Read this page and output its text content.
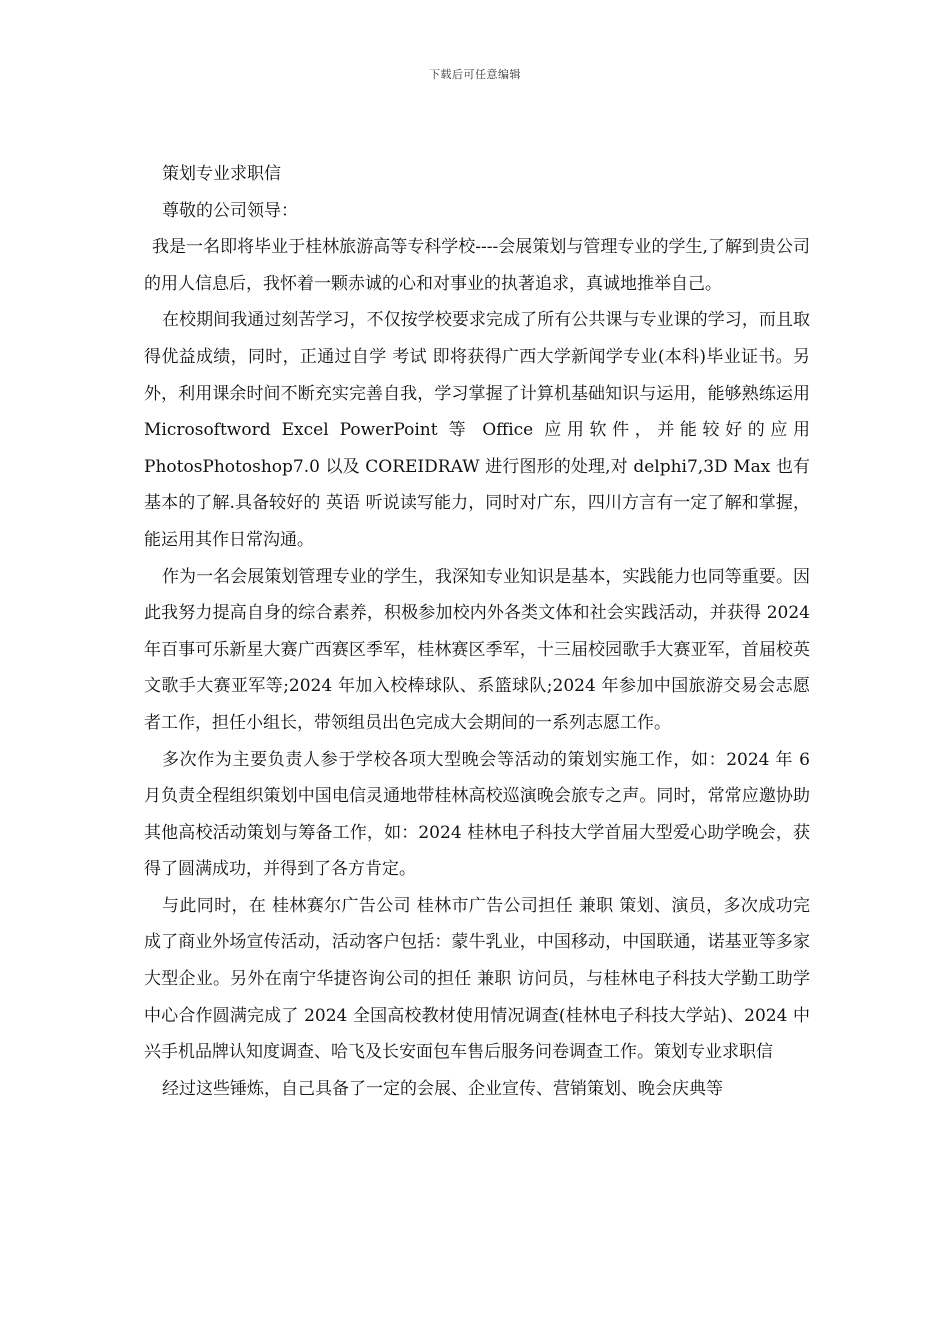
下载后可任意编辑

策划专业求职信

尊敬的公司领导：

我是一名即将毕业于桂林旅游高等专科学校----会展策划与管理专业的学生,了解到贵公司的用人信息后，我怀着一颗赤诚的心和对事业的执著追求，真诚地推举自己。

在校期间我通过刻苦学习，不仅按学校要求完成了所有公共课与专业课的学习，而且取得优益成绩，同时，正通过自学 考试 即将获得广西大学新闻学专业(本科)毕业证书。另外，利用课余时间不断充实完善自我，学习掌握了计算机基础知识与运用，能够熟练运用 Microsoftword Excel PowerPoint 等 Office 应用软件，并能较好的应用 PhotosPhotoshop7.0 以及 COREIDRAW 进行图形的处理,对 delphi7,3D Max 也有基本的了解.具备较好的 英语 听说读写能力，同时对广东，四川方言有一定了解和掌握，能运用其作日常沟通。

作为一名会展策划管理专业的学生，我深知专业知识是基本，实践能力也同等重要。因此我努力提高自身的综合素养，积极参加校内外各类文体和社会实践活动，并获得 2024 年百事可乐新星大赛广西赛区季军，桂林赛区季军，十三届校园歌手大赛亚军，首届校英文歌手大赛亚军等;2024 年加入校棒球队、系篮球队;2024 年参加中国旅游交易会志愿者工作，担任小组长，带领组员出色完成大会期间的一系列志愿工作。

多次作为主要负责人参于学校各项大型晚会等活动的策划实施工作，如：2024 年 6 月负责全程组织策划中国电信灵通地带桂林高校巡演晚会旅专之声。同时，常常应邀协助其他高校活动策划与筹备工作，如：2024 桂林电子科技大学首届大型爱心助学晚会，获得了圆满成功，并得到了各方肯定。

与此同时，在 桂林赛尔广告公司 桂林市广告公司担任 兼职 策划、演员，多次成功完成了商业外场宣传活动，活动客户包括：蒙牛乳业，中国移动，中国联通，诺基亚等多家大型企业。另外在南宁华捷咨询公司的担任 兼职 访问员，与桂林电子科技大学勤工助学中心合作圆满完成了 2024 全国高校教材使用情况调查(桂林电子科技大学站)、2024 中兴手机品牌认知度调查、哈飞及长安面包车售后服务问卷调查工作。策划专业求职信

经过这些锤炼，自己具备了一定的会展、企业宣传、营销策划、晚会庆典等
